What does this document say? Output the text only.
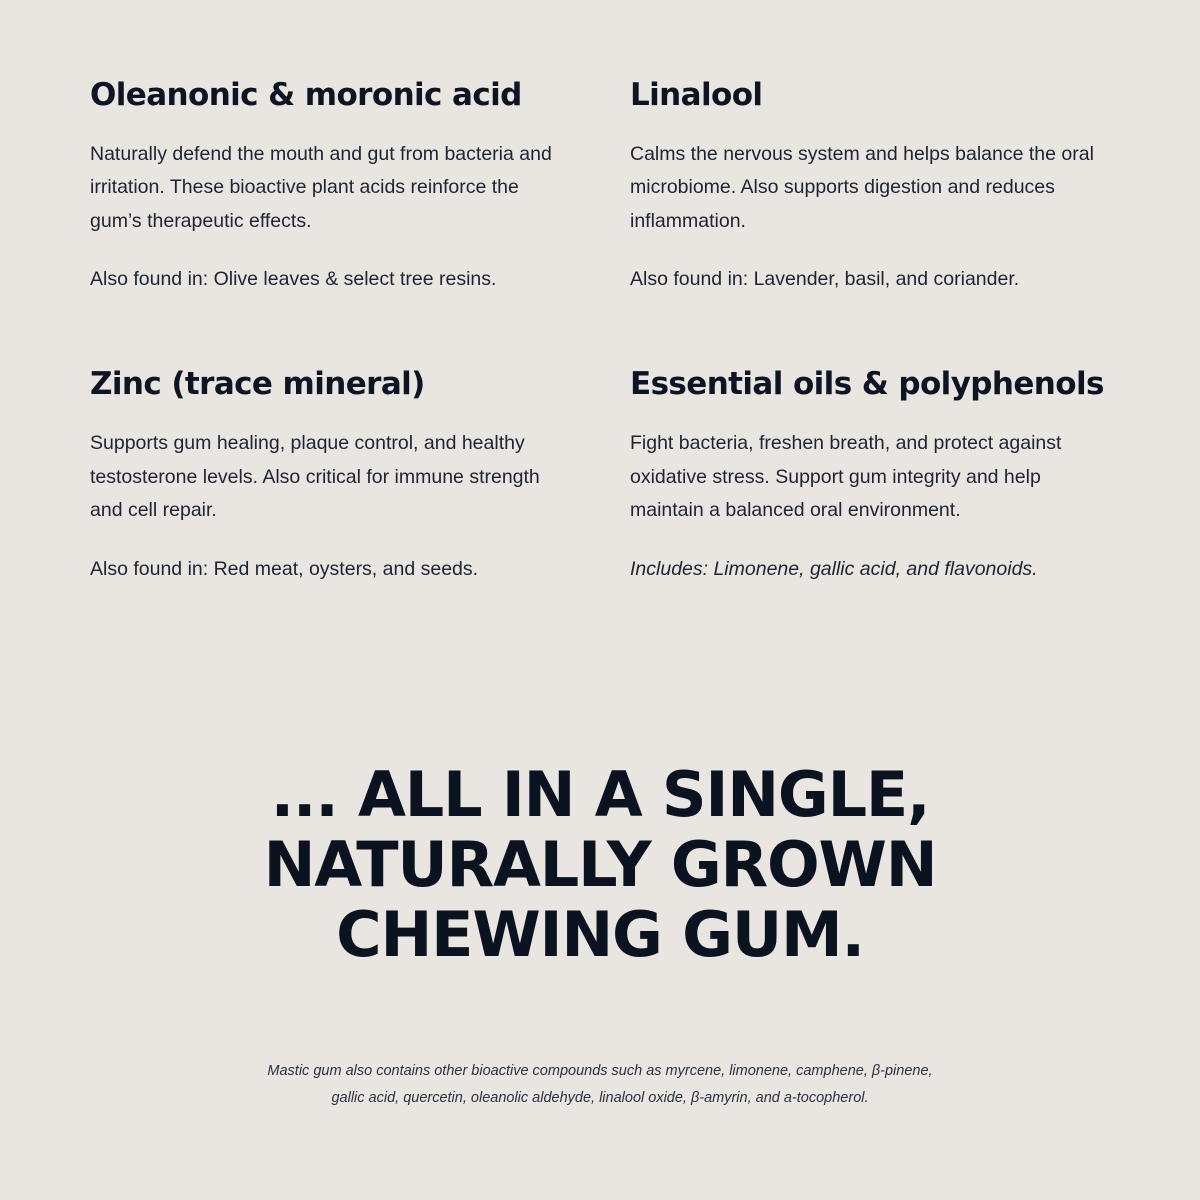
Oleanonic & moronic acid

Naturally defend the mouth and gut from bacteria and irritation. These bioactive plant acids reinforce the gum’s therapeutic effects.

Also found in: Olive leaves & select tree resins.

Linalool

Calms the nervous system and helps balance the oral microbiome. Also supports digestion and reduces inflammation.

Also found in: Lavender, basil, and coriander.

Zinc (trace mineral)

Supports gum healing, plaque control, and healthy testosterone levels. Also critical for immune strength and cell repair.

Also found in: Red meat, oysters, and seeds.

Essential oils & polyphenols

Fight bacteria, freshen breath, and protect against oxidative stress. Support gum integrity and help maintain a balanced oral environment.

Includes: Limonene, gallic acid, and flavonoids.

... ALL IN A SINGLE,
NATURALLY GROWN
CHEWING GUM.
Mastic gum also contains other bioactive compounds such as myrcene, limonene, camphene, β-pinene,
gallic acid, quercetin, oleanolic aldehyde, linalool oxide, β-amyrin, and a-tocopherol.
